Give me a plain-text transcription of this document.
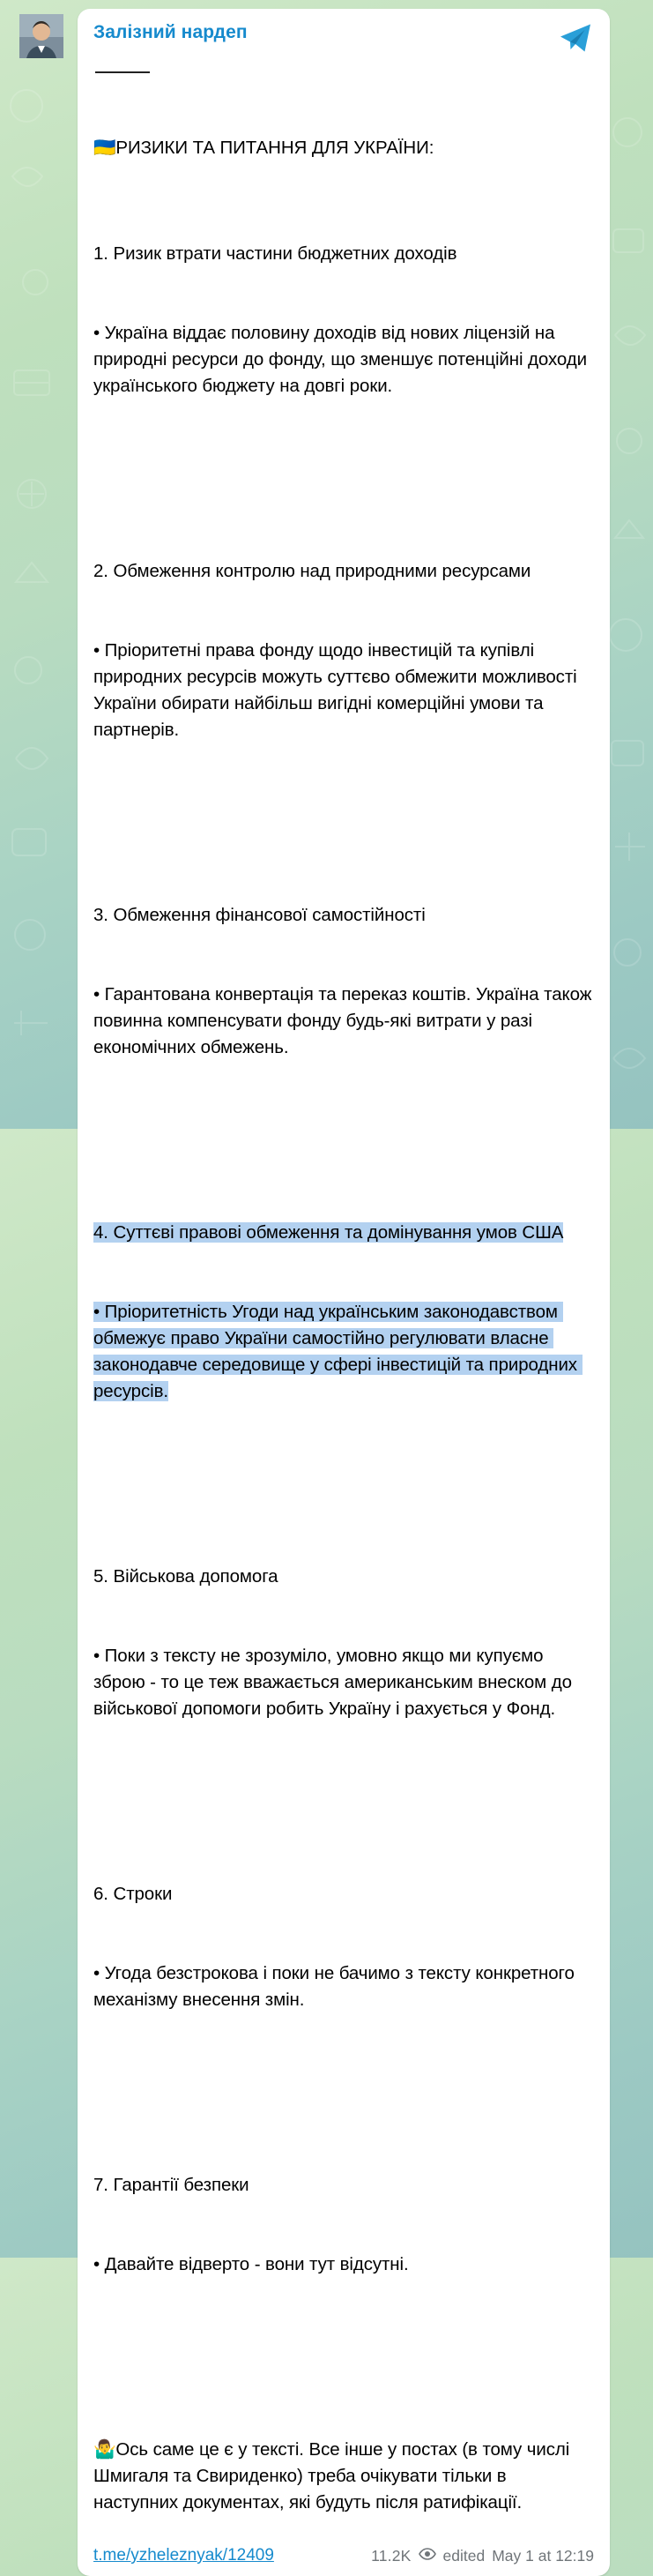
Залізний нардеп

🇺🇦РИЗИКИ ТА ПИТАННЯ ДЛЯ УКРАЇНИ:

1. Ризик втрати частини бюджетних доходів

• Україна віддає половину доходів від нових ліцензій на природні ресурси до фонду, що зменшує потенційні доходи українського бюджету на довгі роки.

2. Обмеження контролю над природними ресурсами

• Пріоритетні права фонду щодо інвестицій та купівлі природних ресурсів можуть суттєво обмежити можливості України обирати найбільш вигідні комерційні умови та партнерів.

3. Обмеження фінансової самостійності

• Гарантована конвертація та переказ коштів. Україна також повинна компенсувати фонду будь-які витрати у разі економічних обмежень.

4. Суттєві правові обмеження та домінування умов США

• Пріоритетність Угоди над українським законодавством обмежує право України самостійно регулювати власне законодавче середовище у сфері інвестицій та природних ресурсів.

5. Військова допомога

• Поки з тексту не зрозуміло, умовно якщо ми купуємо зброю - то це теж вважається американським внеском до військової допомоги робить Україну і рахується у Фонд.

6. Строки

• Угода безстрокова і поки не бачимо з тексту конкретного механізму внесення змін.

7. Гарантії безпеки

• Давайте відверто - вони тут відсутні.

🤷‍♂️Ось саме це є у тексті. Все інше у постах (в тому числі Шмигаля та Свириденко) треба очікувати тільки в наступних документах, які будуть після ратифікації.

t.me/yzheleznyak/12409	11.2K edited May 1 at 12:19
